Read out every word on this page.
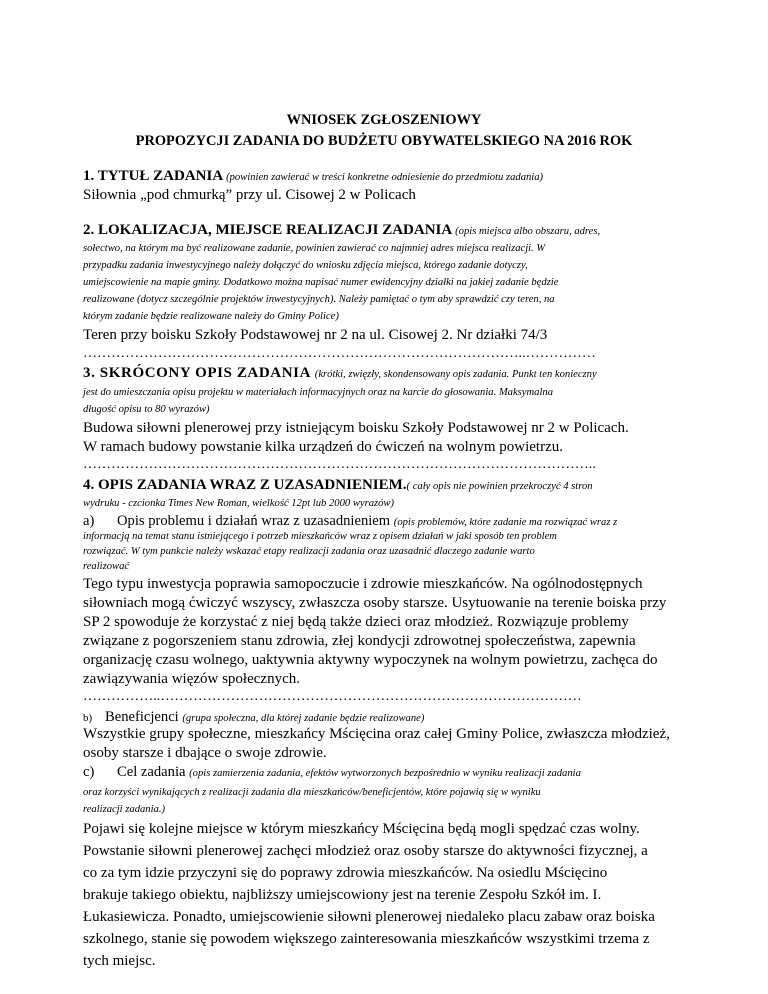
WNIOSEK ZGŁOSZENIOWY
PROPOZYCJI ZADANIA DO BUDŻETU OBYWATELSKIEGO NA 2016 ROK
1. TYTUŁ ZADANIA (powinien zawierać w treści konkretne odniesienie do przedmiotu zadania)
Siłownia „pod chmurką” przy ul. Cisowej 2 w Policach
2. LOKALIZACJA, MIEJSCE REALIZACJI ZADANIA (opis miejsca albo obszaru, adres,
sołectwo, na którym ma być realizowane zadanie, powinien zawierać co najmniej adres miejsca realizacji. W
przypadku zadania inwestycyjnego należy dołączyć do wniosku zdjęcia miejsca, którego zadanie dotyczy,
umiejscowienie na mapie gminy. Dodatkowo można napisać numer ewidencyjny działki na jakiej zadanie będzie
realizowane (dotycz szczególnie projektów inwestycyjnych). Należy pamiętać o tym aby sprawdzić czy teren, na
którym zadanie będzie realizowane należy do Gminy Police)
Teren przy boisku Szkoły Podstawowej nr 2 na ul. Cisowej 2. Nr działki 74/3
…………………………………………………………………………………..……………
3. SKRÓCONY OPIS ZADANIA (krótki, zwięzły, skondensowany opis zadania. Punkt ten konieczny
jest do umieszczania opisu projektu w materiałach informacyjnych oraz na karcie do głosowania. Maksymalna
długość opisu to 80 wyrazów)
Budowa siłowni plenerowej przy istniejącym boisku Szkoły Podstawowej nr 2 w Policach.
W ramach budowy powstanie kilka urządzeń do ćwiczeń na wolnym powietrzu.
………………………………………………………………………………………………..
4. OPIS ZADANIA WRAZ Z UZASADNIENIEM.( cały opis nie powinien przekroczyć 4 stron
wydruku - czcionka Times New Roman, wielkość 12pt lub 2000 wyrazów)
a) Opis problemu i działań wraz z uzasadnieniem (opis problemów, które zadanie ma rozwiązać wraz z
informacją na temat stanu istniejącego i potrzeb mieszkańców wraz z opisem działań w jaki sposób ten problem
rozwiązać. W tym punkcie należy wskazać etapy realizacji zadania oraz uzasadnić dlaczego zadanie warto
realizować
Tego typu inwestycja poprawia samopoczucie i zdrowie mieszkańców. Na ogólnodostępnych
siłowniach mogą ćwiczyć wszyscy, zwłaszcza osoby starsze. Usytuowanie na terenie boiska przy
SP 2 spowoduje że korzystać z niej będą także dzieci oraz młodzież. Rozwiązuje problemy
związane z pogorszeniem stanu zdrowia, złej kondycji zdrowotnej społeczeństwa, zapewnia
organizację czasu wolnego, uaktywnia aktywny wypoczynek na wolnym powietrzu, zachęca do
zawiązywania więzów społecznych.
……………..………………………………………………………………………………
b) Beneficjenci (grupa społeczna, dla której zadanie będzie realizowane)
Wszystkie grupy społeczne, mieszkańcy Mścięcina oraz całej Gminy Police, zwłaszcza młodzież,
osoby starsze i dbające o swoje zdrowie.
c) Cel zadania (opis zamierzenia zadania, efektów wytworzonych bezpośrednio w wyniku realizacji zadania
oraz korzyści wynikających z realizacji zadania dla mieszkańców/beneficjentów, które pojawią się w wyniku
realizacji zadania.)
Pojawi się kolejne miejsce w którym mieszkańcy Mścięcina będą mogli spędzać czas wolny.
Powstanie siłowni plenerowej zachęci młodzież oraz osoby starsze do aktywności fizycznej, a
co za tym idzie przyczyni się do poprawy zdrowia mieszkańców. Na osiedlu Mścięcino
brakuje takiego obiektu, najbliższy umiejscowiony jest na terenie Zespołu Szkół im. I.
Łukasiewicza. Ponadto, umiejscowienie siłowni plenerowej niedaleko placu zabaw oraz boiska
szkolnego, stanie się powodem większego zainteresowania mieszkańców wszystkimi trzema z
tych miejsc.
